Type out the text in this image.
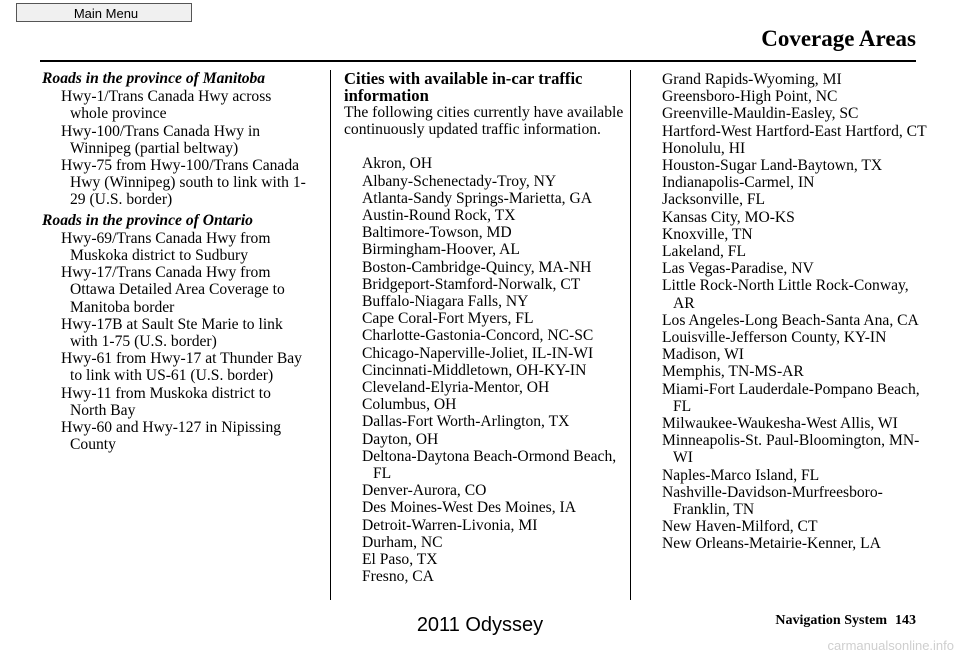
Main Menu
Coverage Areas

Roads in the province of Manitoba

Hwy-1/Trans Canada Hwy across whole province
Hwy-100/Trans Canada Hwy in Winnipeg (partial beltway)
Hwy-75 from Hwy-100/Trans Canada Hwy (Winnipeg) south to link with 1-29 (U.S. border)

Roads in the province of Ontario

Hwy-69/Trans Canada Hwy from Muskoka district to Sudbury
Hwy-17/Trans Canada Hwy from Ottawa Detailed Area Coverage to Manitoba border
Hwy-17B at Sault Ste Marie to link with 1-75 (U.S. border)
Hwy-61 from Hwy-17 at Thunder Bay to link with US-61 (U.S. border)
Hwy-11 from Muskoka district to North Bay
Hwy-60 and Hwy-127 in Nipissing County
Cities with available in-car traffic information

The following cities currently have available continuously updated traffic information.

Akron, OH
Albany-Schenectady-Troy, NY
Atlanta-Sandy Springs-Marietta, GA
Austin-Round Rock, TX
Baltimore-Towson, MD
Birmingham-Hoover, AL
Boston-Cambridge-Quincy, MA-NH
Bridgeport-Stamford-Norwalk, CT
Buffalo-Niagara Falls, NY
Cape Coral-Fort Myers, FL
Charlotte-Gastonia-Concord, NC-SC
Chicago-Naperville-Joliet, IL-IN-WI
Cincinnati-Middletown, OH-KY-IN
Cleveland-Elyria-Mentor, OH
Columbus, OH
Dallas-Fort Worth-Arlington, TX
Dayton, OH
Deltona-Daytona Beach-Ormond Beach, FL
Denver-Aurora, CO
Des Moines-West Des Moines, IA
Detroit-Warren-Livonia, MI
Durham, NC
El Paso, TX
Fresno, CA
Grand Rapids-Wyoming, MI
Greensboro-High Point, NC
Greenville-Mauldin-Easley, SC
Hartford-West Hartford-East Hartford, CT
Honolulu, HI
Houston-Sugar Land-Baytown, TX
Indianapolis-Carmel, IN
Jacksonville, FL
Kansas City, MO-KS
Knoxville, TN
Lakeland, FL
Las Vegas-Paradise, NV
Little Rock-North Little Rock-Conway, AR
Los Angeles-Long Beach-Santa Ana, CA
Louisville-Jefferson County, KY-IN
Madison, WI
Memphis, TN-MS-AR
Miami-Fort Lauderdale-Pompano Beach, FL
Milwaukee-Waukesha-West Allis, WI
Minneapolis-St. Paul-Bloomington, MN-WI
Naples-Marco Island, FL
Nashville-Davidson-Murfreesboro-Franklin, TN
New Haven-Milford, CT
New Orleans-Metairie-Kenner, LA
Navigation System 143
2011 Odyssey
carmanualsonline.info
